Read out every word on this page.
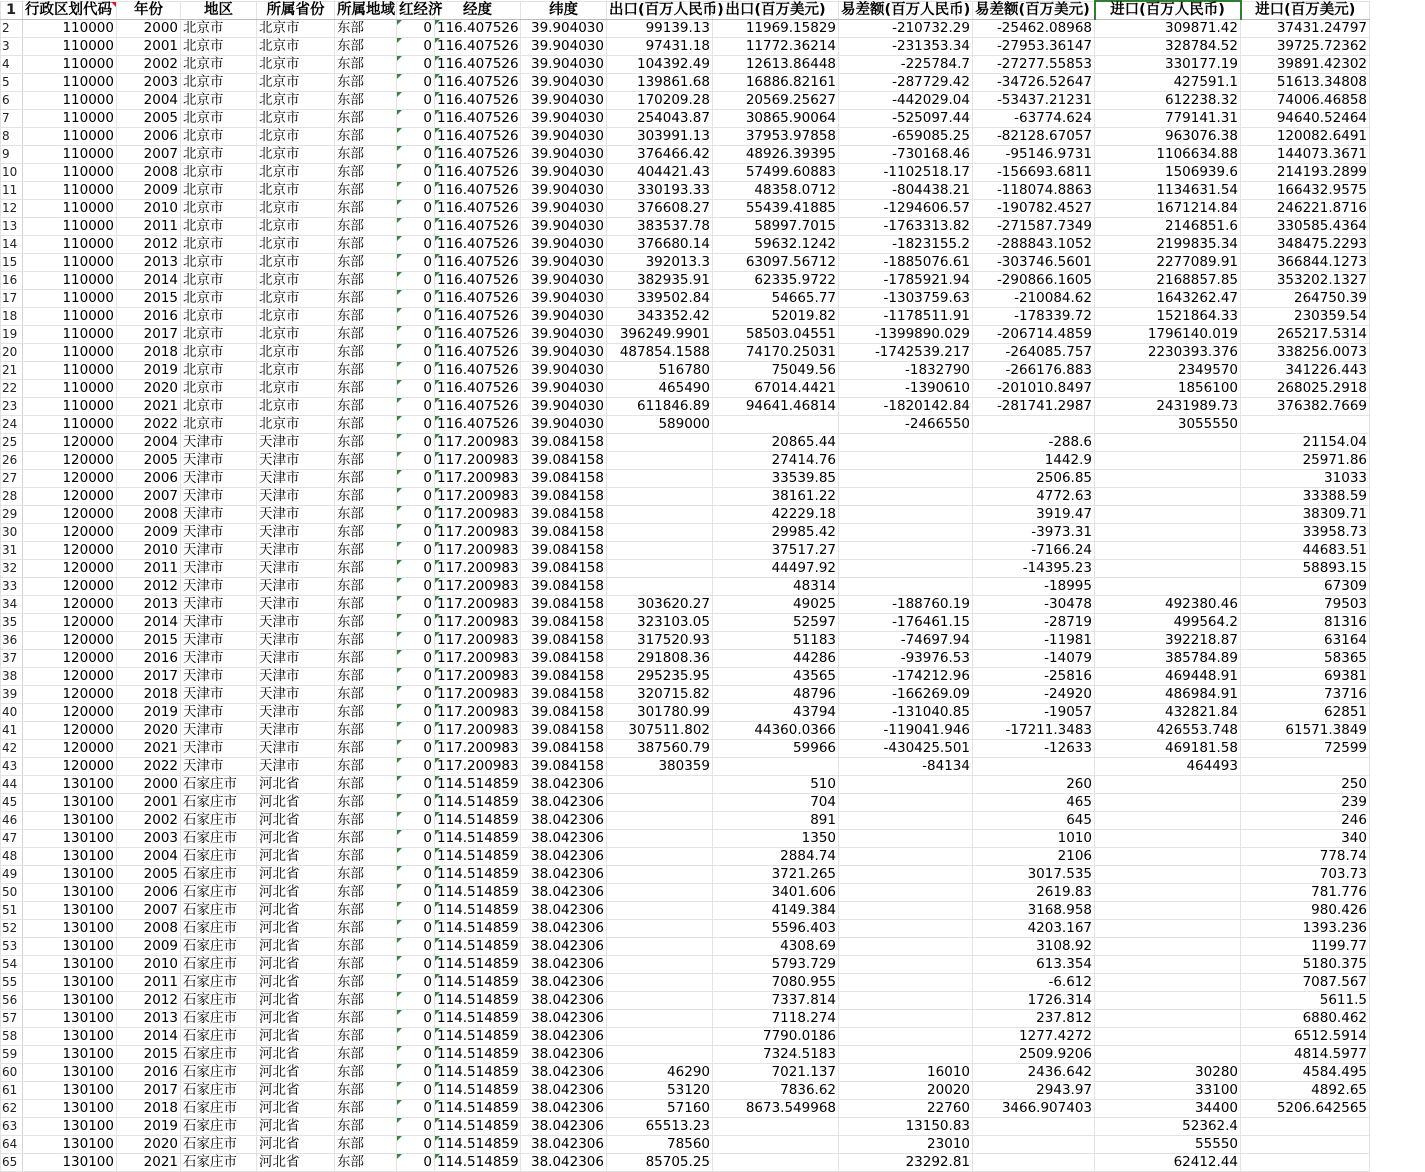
1	行政区划代码	年份	地区	所属省份	所属地域	红经济	经度	纬度	出口(百万人民币)	出口(百万美元)	易差额(百万人民币)	易差额(百万美元)	进口(百万人民币)	进口(百万美元)
2	110000	2000	北京市	北京市	东部	0	116.407526	39.904030	99139.13	11969.15829	-210732.29	-25462.08968	309871.42	37431.24797
3	110000	2001	北京市	北京市	东部	0	116.407526	39.904030	97431.18	11772.36214	-231353.34	-27953.36147	328784.52	39725.72362
4	110000	2002	北京市	北京市	东部	0	116.407526	39.904030	104392.49	12613.86448	-225784.7	-27277.55853	330177.19	39891.42302
5	110000	2003	北京市	北京市	东部	0	116.407526	39.904030	139861.68	16886.82161	-287729.42	-34726.52647	427591.1	51613.34808
6	110000	2004	北京市	北京市	东部	0	116.407526	39.904030	170209.28	20569.25627	-442029.04	-53437.21231	612238.32	74006.46858
7	110000	2005	北京市	北京市	东部	0	116.407526	39.904030	254043.87	30865.90064	-525097.44	-63774.624	779141.31	94640.52464
8	110000	2006	北京市	北京市	东部	0	116.407526	39.904030	303991.13	37953.97858	-659085.25	-82128.67057	963076.38	120082.6491
9	110000	2007	北京市	北京市	东部	0	116.407526	39.904030	376466.42	48926.39395	-730168.46	-95146.9731	1106634.88	144073.3671
10	110000	2008	北京市	北京市	东部	0	116.407526	39.904030	404421.43	57499.60883	-1102518.17	-156693.6811	1506939.6	214193.2899
11	110000	2009	北京市	北京市	东部	0	116.407526	39.904030	330193.33	48358.0712	-804438.21	-118074.8863	1134631.54	166432.9575
12	110000	2010	北京市	北京市	东部	0	116.407526	39.904030	376608.27	55439.41885	-1294606.57	-190782.4527	1671214.84	246221.8716
13	110000	2011	北京市	北京市	东部	0	116.407526	39.904030	383537.78	58997.7015	-1763313.82	-271587.7349	2146851.6	330585.4364
14	110000	2012	北京市	北京市	东部	0	116.407526	39.904030	376680.14	59632.1242	-1823155.2	-288843.1052	2199835.34	348475.2293
15	110000	2013	北京市	北京市	东部	0	116.407526	39.904030	392013.3	63097.56712	-1885076.61	-303746.5601	2277089.91	366844.1273
16	110000	2014	北京市	北京市	东部	0	116.407526	39.904030	382935.91	62335.9722	-1785921.94	-290866.1605	2168857.85	353202.1327
17	110000	2015	北京市	北京市	东部	0	116.407526	39.904030	339502.84	54665.77	-1303759.63	-210084.62	1643262.47	264750.39
18	110000	2016	北京市	北京市	东部	0	116.407526	39.904030	343352.42	52019.82	-1178511.91	-178339.72	1521864.33	230359.54
19	110000	2017	北京市	北京市	东部	0	116.407526	39.904030	396249.9901	58503.04551	-1399890.029	-206714.4859	1796140.019	265217.5314
20	110000	2018	北京市	北京市	东部	0	116.407526	39.904030	487854.1588	74170.25031	-1742539.217	-264085.757	2230393.376	338256.0073
21	110000	2019	北京市	北京市	东部	0	116.407526	39.904030	516780	75049.56	-1832790	-266176.883	2349570	341226.443
22	110000	2020	北京市	北京市	东部	0	116.407526	39.904030	465490	67014.4421	-1390610	-201010.8497	1856100	268025.2918
23	110000	2021	北京市	北京市	东部	0	116.407526	39.904030	611846.89	94641.46814	-1820142.84	-281741.2987	2431989.73	376382.7669
24	110000	2022	北京市	北京市	东部	0	116.407526	39.904030	589000		-2466550		3055550	
25	120000	2004	天津市	天津市	东部	0	117.200983	39.084158		20865.44		-288.6		21154.04
26	120000	2005	天津市	天津市	东部	0	117.200983	39.084158		27414.76		1442.9		25971.86
27	120000	2006	天津市	天津市	东部	0	117.200983	39.084158		33539.85		2506.85		31033
28	120000	2007	天津市	天津市	东部	0	117.200983	39.084158		38161.22		4772.63		33388.59
29	120000	2008	天津市	天津市	东部	0	117.200983	39.084158		42229.18		3919.47		38309.71
30	120000	2009	天津市	天津市	东部	0	117.200983	39.084158		29985.42		-3973.31		33958.73
31	120000	2010	天津市	天津市	东部	0	117.200983	39.084158		37517.27		-7166.24		44683.51
32	120000	2011	天津市	天津市	东部	0	117.200983	39.084158		44497.92		-14395.23		58893.15
33	120000	2012	天津市	天津市	东部	0	117.200983	39.084158		48314		-18995		67309
34	120000	2013	天津市	天津市	东部	0	117.200983	39.084158	303620.27	49025	-188760.19	-30478	492380.46	79503
35	120000	2014	天津市	天津市	东部	0	117.200983	39.084158	323103.05	52597	-176461.15	-28719	499564.2	81316
36	120000	2015	天津市	天津市	东部	0	117.200983	39.084158	317520.93	51183	-74697.94	-11981	392218.87	63164
37	120000	2016	天津市	天津市	东部	0	117.200983	39.084158	291808.36	44286	-93976.53	-14079	385784.89	58365
38	120000	2017	天津市	天津市	东部	0	117.200983	39.084158	295235.95	43565	-174212.96	-25816	469448.91	69381
39	120000	2018	天津市	天津市	东部	0	117.200983	39.084158	320715.82	48796	-166269.09	-24920	486984.91	73716
40	120000	2019	天津市	天津市	东部	0	117.200983	39.084158	301780.99	43794	-131040.85	-19057	432821.84	62851
41	120000	2020	天津市	天津市	东部	0	117.200983	39.084158	307511.802	44360.0366	-119041.946	-17211.3483	426553.748	61571.3849
42	120000	2021	天津市	天津市	东部	0	117.200983	39.084158	387560.79	59966	-430425.501	-12633	469181.58	72599
43	120000	2022	天津市	天津市	东部	0	117.200983	39.084158	380359		-84134		464493	
44	130100	2000	石家庄市	河北省	东部	0	114.514859	38.042306		510		260		250
45	130100	2001	石家庄市	河北省	东部	0	114.514859	38.042306		704		465		239
46	130100	2002	石家庄市	河北省	东部	0	114.514859	38.042306		891		645		246
47	130100	2003	石家庄市	河北省	东部	0	114.514859	38.042306		1350		1010		340
48	130100	2004	石家庄市	河北省	东部	0	114.514859	38.042306		2884.74		2106		778.74
49	130100	2005	石家庄市	河北省	东部	0	114.514859	38.042306		3721.265		3017.535		703.73
50	130100	2006	石家庄市	河北省	东部	0	114.514859	38.042306		3401.606		2619.83		781.776
51	130100	2007	石家庄市	河北省	东部	0	114.514859	38.042306		4149.384		3168.958		980.426
52	130100	2008	石家庄市	河北省	东部	0	114.514859	38.042306		5596.403		4203.167		1393.236
53	130100	2009	石家庄市	河北省	东部	0	114.514859	38.042306		4308.69		3108.92		1199.77
54	130100	2010	石家庄市	河北省	东部	0	114.514859	38.042306		5793.729		613.354		5180.375
55	130100	2011	石家庄市	河北省	东部	0	114.514859	38.042306		7080.955		-6.612		7087.567
56	130100	2012	石家庄市	河北省	东部	0	114.514859	38.042306		7337.814		1726.314		5611.5
57	130100	2013	石家庄市	河北省	东部	0	114.514859	38.042306		7118.274		237.812		6880.462
58	130100	2014	石家庄市	河北省	东部	0	114.514859	38.042306		7790.0186		1277.4272		6512.5914
59	130100	2015	石家庄市	河北省	东部	0	114.514859	38.042306		7324.5183		2509.9206		4814.5977
60	130100	2016	石家庄市	河北省	东部	0	114.514859	38.042306	46290	7021.137	16010	2436.642	30280	4584.495
61	130100	2017	石家庄市	河北省	东部	0	114.514859	38.042306	53120	7836.62	20020	2943.97	33100	4892.65
62	130100	2018	石家庄市	河北省	东部	0	114.514859	38.042306	57160	8673.549968	22760	3466.907403	34400	5206.642565
63	130100	2019	石家庄市	河北省	东部	0	114.514859	38.042306	65513.23		13150.83		52362.4	
64	130100	2020	石家庄市	河北省	东部	0	114.514859	38.042306	78560		23010		55550	
65	130100	2021	石家庄市	河北省	东部	0	114.514859	38.042306	85705.25		23292.81		62412.44	
